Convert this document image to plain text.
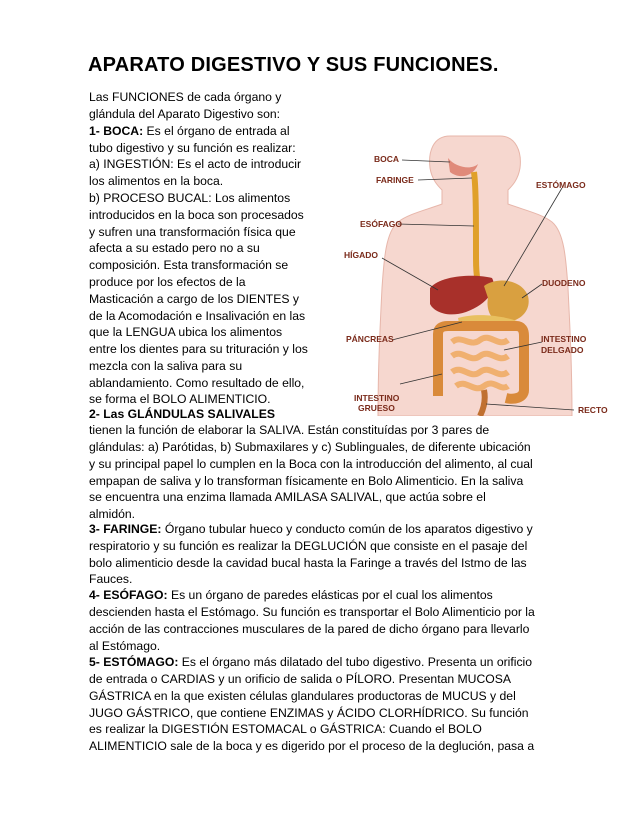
APARATO DIGESTIVO Y SUS FUNCIONES.
Las FUNCIONES de cada órgano y
glándula del Aparato Digestivo son:
1- BOCA: Es el órgano de entrada al
tubo digestivo y su función es realizar:
a) INGESTIÓN: Es el acto de introducir
los alimentos en la boca.
b) PROCESO BUCAL: Los alimentos
introducidos en la boca son procesados
y sufren una transformación física que
afecta a su estado pero no a su
composición. Esta transformación se
produce por los efectos de la
Masticación a cargo de los DIENTES y
de la Acomodación e Insalivación en las
que la LENGUA ubica los alimentos
entre los dientes para su trituración y los
mezcla con la saliva para su
ablandamiento. Como resultado de ello,
se forma el BOLO ALIMENTICIO.
2- Las GLÁNDULAS SALIVALES
tienen la función de elaborar la SALIVA. Están constituídas por 3 pares de
glándulas: a) Parótidas, b) Submaxilares y c) Sublinguales, de diferente ubicación
y su principal papel lo cumplen en la Boca con la introducción del alimento, al cual
empapan de saliva y lo transforman físicamente en Bolo Alimenticio. En la saliva
se encuentra una enzima llamada AMILASA SALIVAL, que actúa sobre el
almidón.
3- FARINGE: Órgano tubular hueco y conducto común de los aparatos digestivo y
respiratorio y su función es realizar la DEGLUCIÓN que consiste en el pasaje del
bolo alimenticio desde la cavidad bucal hasta la Faringe a través del Istmo de las
Fauces.
4- ESÓFAGO: Es un órgano de paredes elásticas por el cual los alimentos
descienden hasta el Estómago. Su función es transportar el Bolo Alimenticio por la
acción de las contracciones musculares de la pared de dicho órgano para llevarlo
al Estómago.
5- ESTÓMAGO: Es el órgano más dilatado del tubo digestivo. Presenta un orificio
de entrada o CARDIAS y un orificio de salida o PÍLORO. Presentan MUCOSA
GÁSTRICA en la que existen células glandulares productoras de MUCUS y del
JUGO GÁSTRICO, que contiene ENZIMAS y ÁCIDO CLORHÍDRICO. Su función
es realizar la DIGESTIÓN ESTOMACAL o GÁSTRICA: Cuando el BOLO
ALIMENTICIO sale de la boca y es digerido por el proceso de la deglución, pasa a
BOCA
FARINGE
ESÓFAGO
HÍGADO
PÁNCREAS
INTESTINO
GRUESO
ESTÓMAGO
DUODENO
INTESTINO
DELGADO
RECTO
